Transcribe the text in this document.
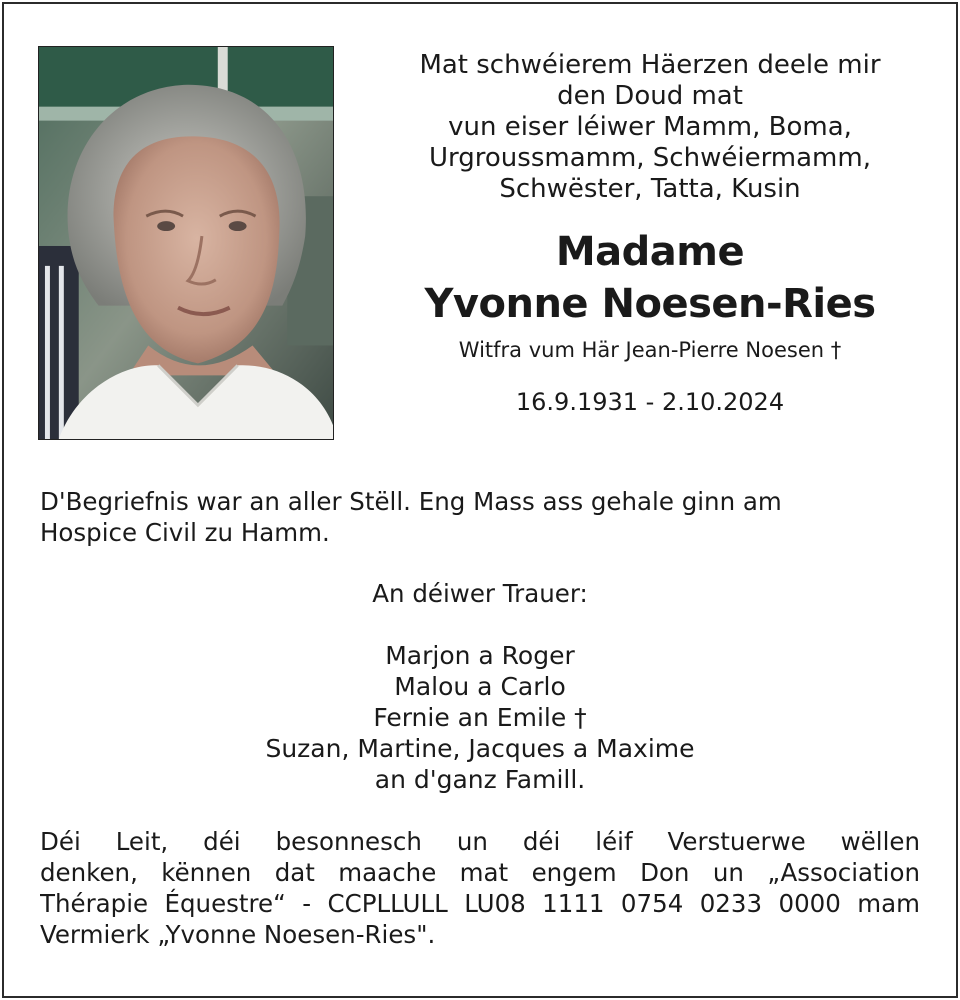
Mat schwéierem Häerzen deele mir
den Doud mat
vun eiser léiwer Mamm, Boma,
Urgroussmamm, Schwéiermamm,
Schwëster, Tatta, Kusin
Madame
Yvonne Noesen-Ries
Witfra vum Här Jean-Pierre Noesen †
16.9.1931 - 2.10.2024
D'Begriefnis war an aller Stëll. Eng Mass ass gehale ginn am
Hospice Civil zu Hamm.
An déiwer Trauer:
Marjon a Roger
Malou a Carlo
Fernie an Emile †
Suzan, Martine, Jacques a Maxime
an d'ganz Famill.
Déi Leit, déi besonnesch un déi léif Verstuerwe wëllen
denken, kënnen dat maache mat engem Don un „Association
Thérapie Équestre“ - CCPLLULL LU08 1111 0754 0233 0000 mam
Vermierk „Yvonne Noesen-Ries".
